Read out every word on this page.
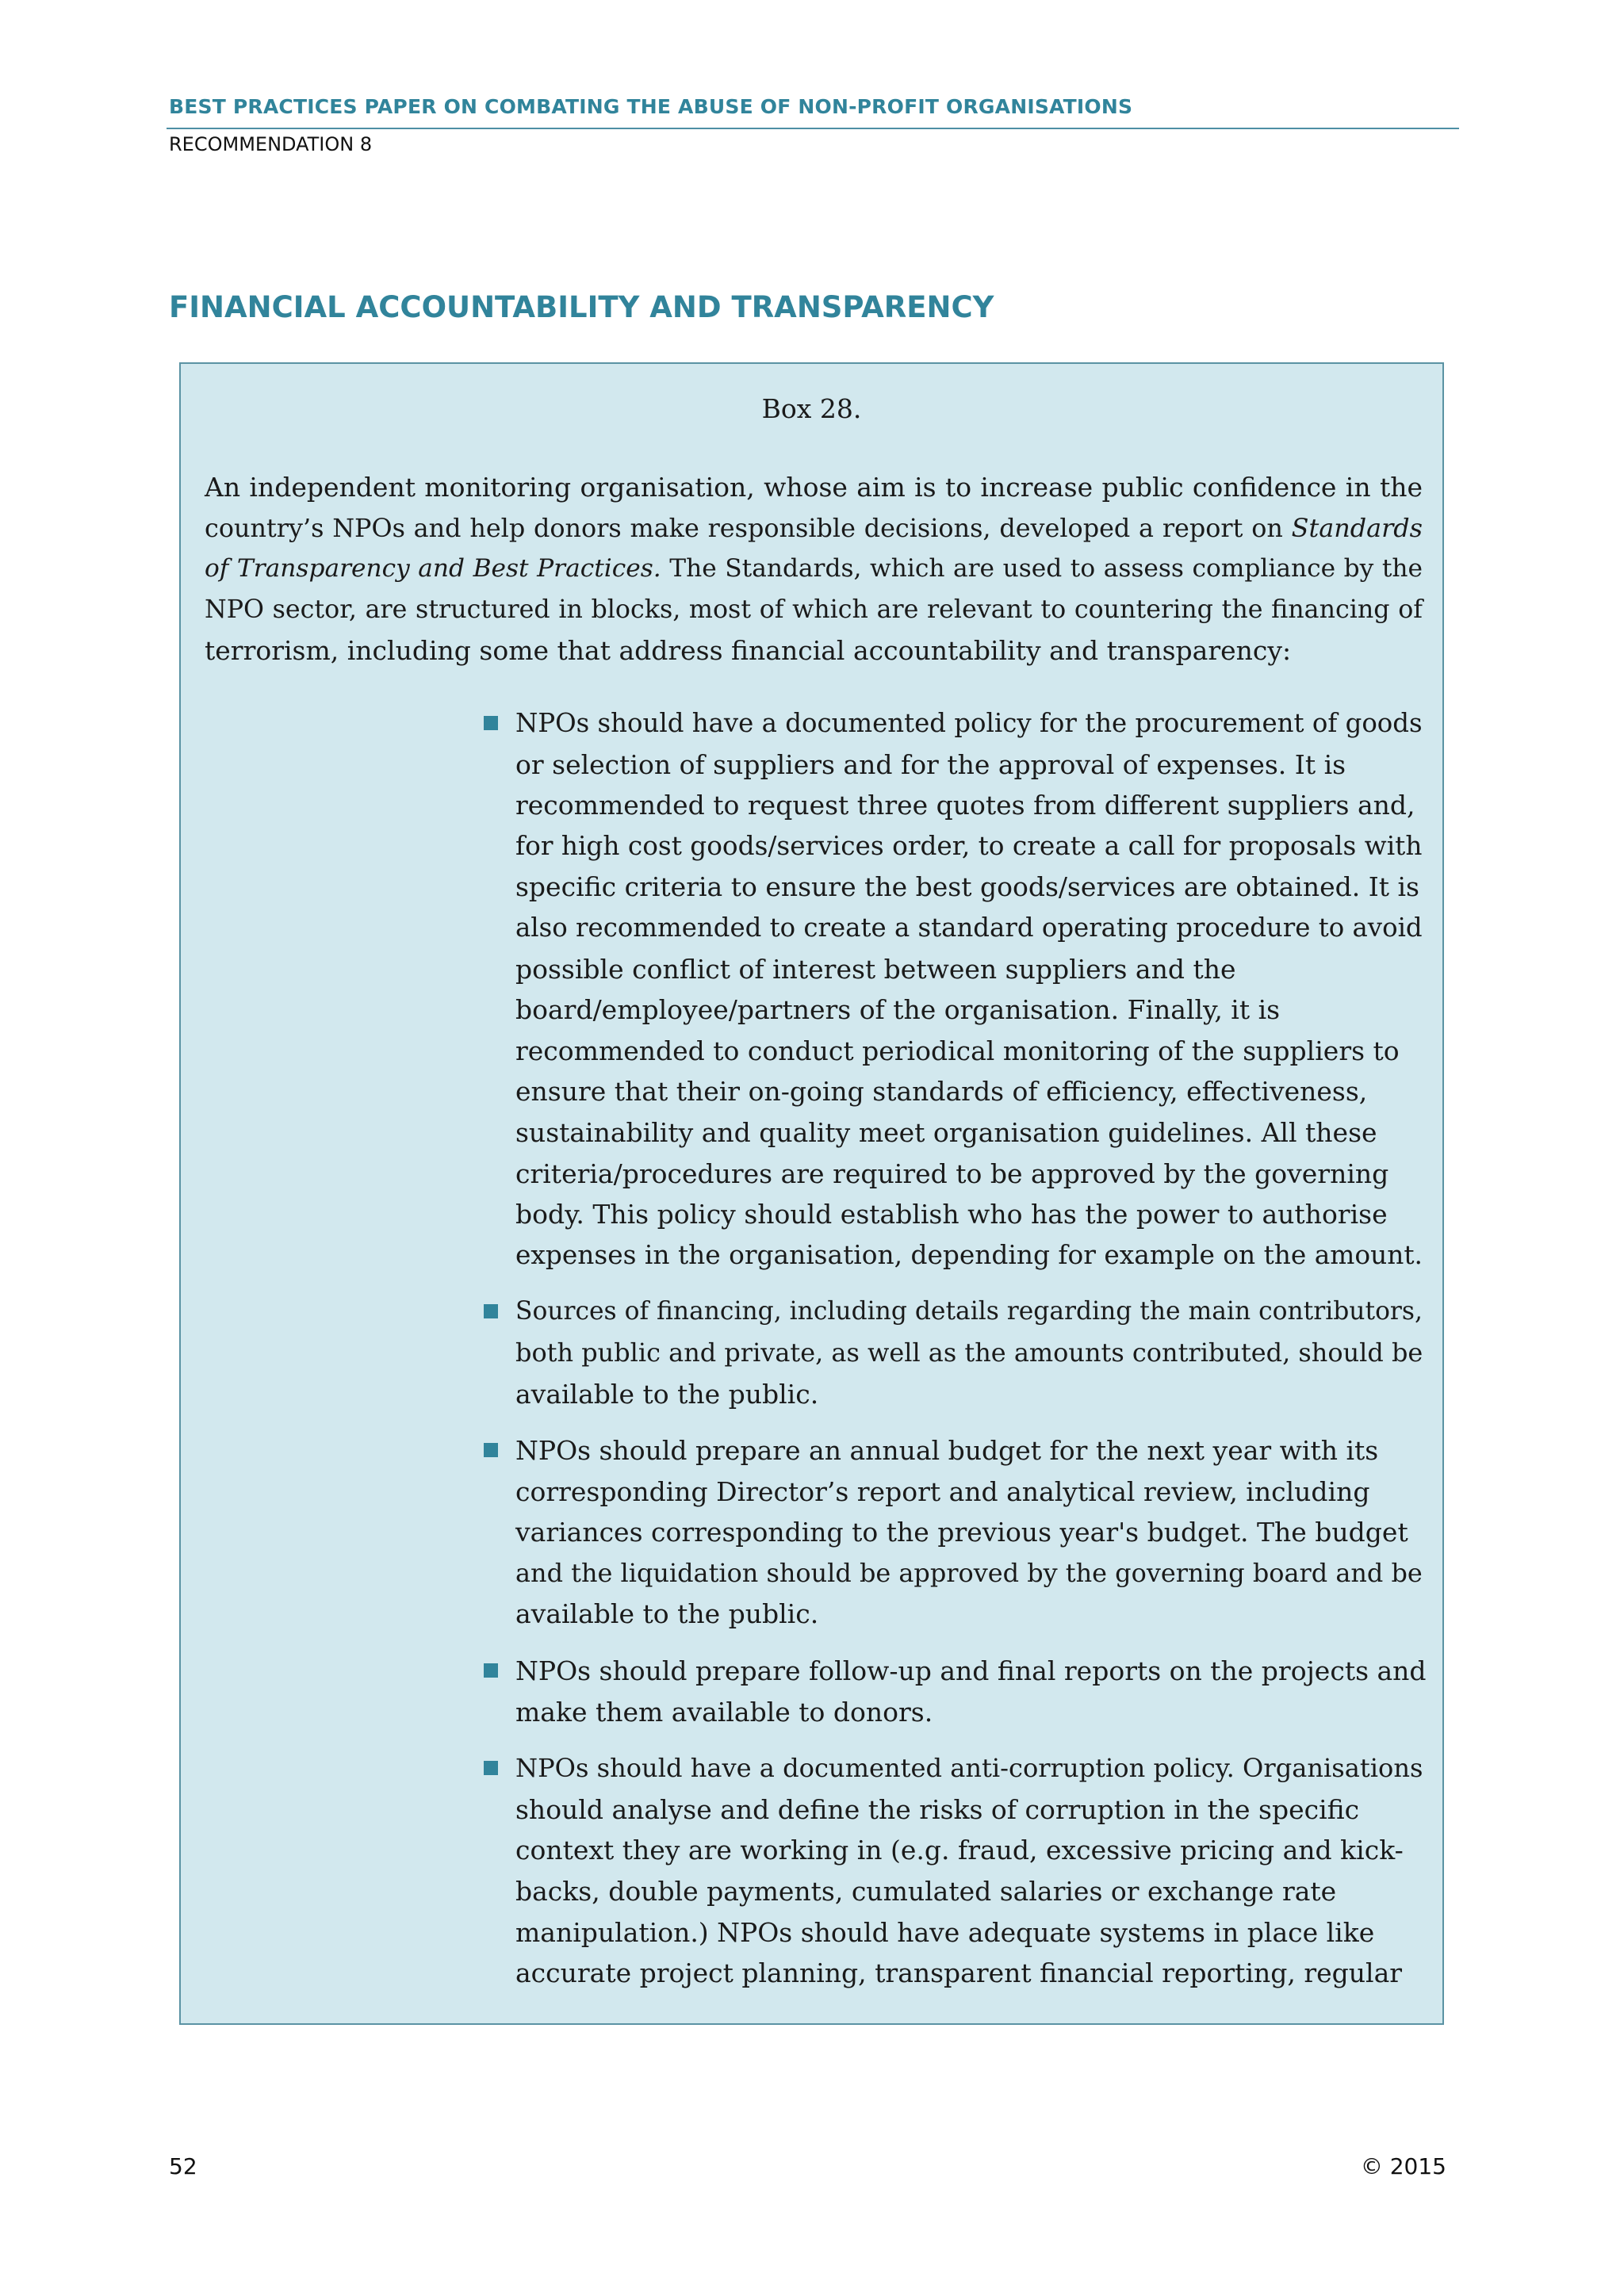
BEST PRACTICES PAPER ON COMBATING THE ABUSE OF NON-PROFIT ORGANISATIONS
RECOMMENDATION 8
FINANCIAL ACCOUNTABILITY AND TRANSPARENCY
Box 28.

An independent monitoring organisation, whose aim is to increase public confidence in the
country’s NPOs and help donors make responsible decisions, developed a report on Standards
of Transparency and Best Practices. The Standards, which are used to assess compliance by the
NPO sector, are structured in blocks, most of which are relevant to countering the financing of
terrorism, including some that address financial accountability and transparency:

NPOs should have a documented policy for the procurement of goods
or selection of suppliers and for the approval of expenses. It is
recommended to request three quotes from different suppliers and,
for high cost goods/services order, to create a call for proposals with
specific criteria to ensure the best goods/services are obtained. It is
also recommended to create a standard operating procedure to avoid
possible conflict of interest between suppliers and the
board/employee/partners of the organisation. Finally, it is
recommended to conduct periodical monitoring of the suppliers to
ensure that their on-going standards of efficiency, effectiveness,
sustainability and quality meet organisation guidelines. All these
criteria/procedures are required to be approved by the governing
body. This policy should establish who has the power to authorise
expenses in the organisation, depending for example on the amount.
Sources of financing, including details regarding the main contributors,
both public and private, as well as the amounts contributed, should be
available to the public.
NPOs should prepare an annual budget for the next year with its
corresponding Director’s report and analytical review, including
variances corresponding to the previous year's budget. The budget
and the liquidation should be approved by the governing board and be
available to the public.
NPOs should prepare follow-up and final reports on the projects and
make them available to donors.
NPOs should have a documented anti-corruption policy. Organisations
should analyse and define the risks of corruption in the specific
context they are working in (e.g. fraud, excessive pricing and kick-
backs, double payments, cumulated salaries or exchange rate
manipulation.) NPOs should have adequate systems in place like
accurate project planning, transparent financial reporting, regular
52	© 2015
